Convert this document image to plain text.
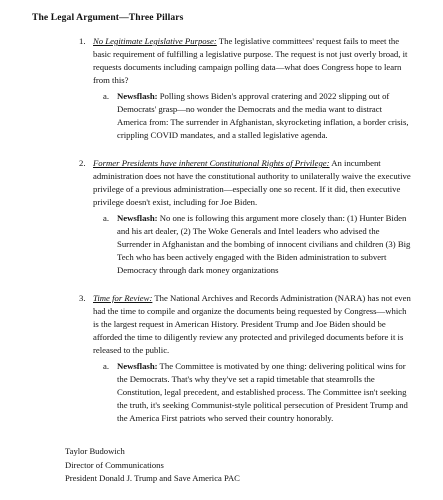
The Legal Argument—Three Pillars
1. No Legitimate Legislative Purpose: The legislative committees' request fails to meet the basic requirement of fulfilling a legislative purpose. The request is not just overly broad, it requests documents including campaign polling data—what does Congress hope to learn from this?
a. Newsflash: Polling shows Biden's approval cratering and 2022 slipping out of Democrats' grasp—no wonder the Democrats and the media want to distract America from: The surrender in Afghanistan, skyrocketing inflation, a border crisis, crippling COVID mandates, and a stalled legislative agenda.
2. Former Presidents have inherent Constitutional Rights of Privilege: An incumbent administration does not have the constitutional authority to unilaterally waive the executive privilege of a previous administration—especially one so recent. If it did, then executive privilege doesn't exist, including for Joe Biden.
a. Newsflash: No one is following this argument more closely than: (1) Hunter Biden and his art dealer, (2) The Woke Generals and Intel leaders who advised the Surrender in Afghanistan and the bombing of innocent civilians and children (3) Big Tech who has been actively engaged with the Biden administration to subvert Democracy through dark money organizations
3. Time for Review: The National Archives and Records Administration (NARA) has not even had the time to compile and organize the documents being requested by Congress—which is the largest request in American History. President Trump and Joe Biden should be afforded the time to diligently review any protected and privileged documents before it is released to the public.
a. Newsflash: The Committee is motivated by one thing: delivering political wins for the Democrats. That's why they've set a rapid timetable that steamrolls the Constitution, legal precedent, and established process. The Committee isn't seeking the truth, it's seeking Communist-style political persecution of President Trump and the America First patriots who served their country honorably.
Taylor Budowich
Director of Communications
President Donald J. Trump and Save America PAC
